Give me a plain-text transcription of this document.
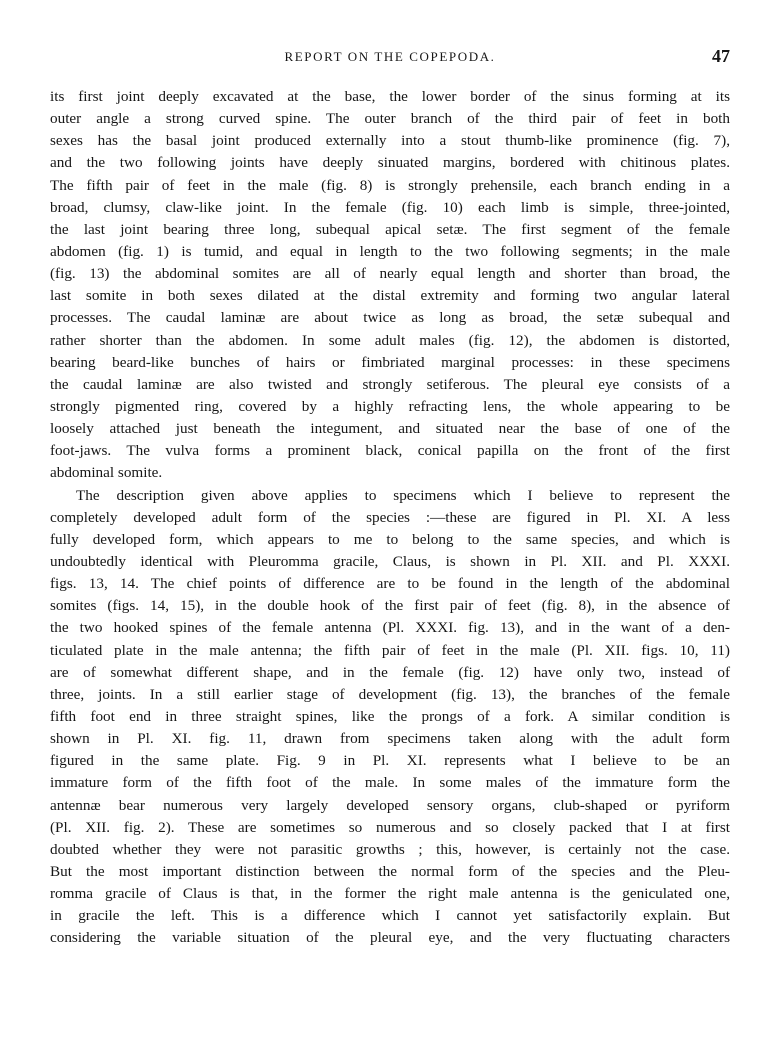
REPORT ON THE COPEPODA.	47
its first joint deeply excavated at the base, the lower border of the sinus forming at its
outer angle a strong curved spine. The outer branch of the third pair of feet in both
sexes has the basal joint produced externally into a stout thumb-like prominence (fig. 7),
and the two following joints have deeply sinuated margins, bordered with chitinous plates.
The fifth pair of feet in the male (fig. 8) is strongly prehensile, each branch ending in a
broad, clumsy, claw-like joint. In the female (fig. 10) each limb is simple, three-jointed,
the last joint bearing three long, subequal apical setæ. The first segment of the female
abdomen (fig. 1) is tumid, and equal in length to the two following segments; in the male
(fig. 13) the abdominal somites are all of nearly equal length and shorter than broad, the
last somite in both sexes dilated at the distal extremity and forming two angular lateral
processes. The caudal laminæ are about twice as long as broad, the setæ subequal and
rather shorter than the abdomen. In some adult males (fig. 12), the abdomen is distorted,
bearing beard-like bunches of hairs or fimbriated marginal processes: in these specimens
the caudal laminæ are also twisted and strongly setiferous. The pleural eye consists of a
strongly pigmented ring, covered by a highly refracting lens, the whole appearing to be
loosely attached just beneath the integument, and situated near the base of one of the
foot-jaws. The vulva forms a prominent black, conical papilla on the front of the first
abdominal somite.
The description given above applies to specimens which I believe to represent the
completely developed adult form of the species :—these are figured in Pl. XI. A less
fully developed form, which appears to me to belong to the same species, and which is
undoubtedly identical with Pleuromma gracile, Claus, is shown in Pl. XII. and Pl. XXXI.
figs. 13, 14. The chief points of difference are to be found in the length of the abdominal
somites (figs. 14, 15), in the double hook of the first pair of feet (fig. 8), in the absence of
the two hooked spines of the female antenna (Pl. XXXI. fig. 13), and in the want of a den-
ticulated plate in the male antenna; the fifth pair of feet in the male (Pl. XII. figs. 10, 11)
are of somewhat different shape, and in the female (fig. 12) have only two, instead of
three, joints. In a still earlier stage of development (fig. 13), the branches of the female
fifth foot end in three straight spines, like the prongs of a fork. A similar condition is
shown in Pl. XI. fig. 11, drawn from specimens taken along with the adult form
figured in the same plate. Fig. 9 in Pl. XI. represents what I believe to be an
immature form of the fifth foot of the male. In some males of the immature form the
antennæ bear numerous very largely developed sensory organs, club-shaped or pyriform
(Pl. XII. fig. 2). These are sometimes so numerous and so closely packed that I at first
doubted whether they were not parasitic growths ; this, however, is certainly not the case.
But the most important distinction between the normal form of the species and the Pleu-
romma gracile of Claus is that, in the former the right male antenna is the geniculated one,
in gracile the left. This is a difference which I cannot yet satisfactorily explain. But
considering the variable situation of the pleural eye, and the very fluctuating characters
